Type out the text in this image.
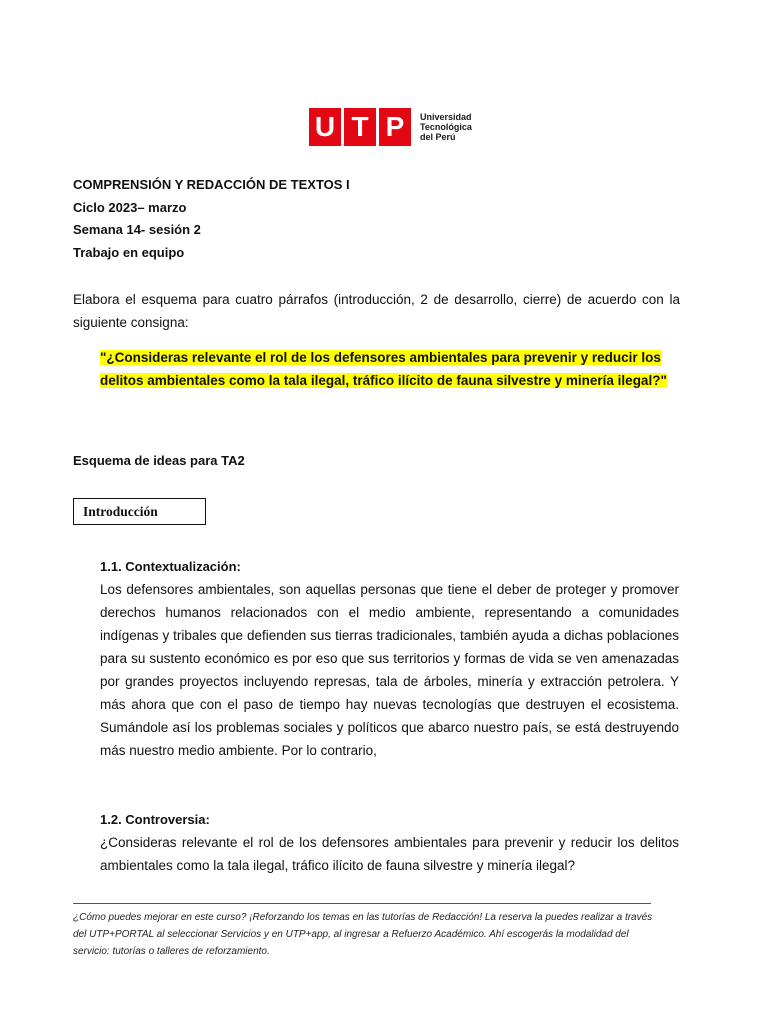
U T P	Universidad
Tecnológica
del Perú
COMPRENSIÓN Y REDACCIÓN DE TEXTOS I
Ciclo 2023– marzo
Semana 14- sesión 2
Trabajo en equipo
Elabora el esquema para cuatro párrafos (introducción, 2 de desarrollo, cierre) de acuerdo con la siguiente consigna:
"¿Consideras relevante el rol de los defensores ambientales para prevenir y reducir los delitos ambientales como la tala ilegal, tráfico ilícito de fauna silvestre y minería ilegal?"
Esquema de ideas para TA2
Introducción
1.1. Contextualización:
Los defensores ambientales, son aquellas personas que tiene el deber de proteger y promover derechos humanos relacionados con el medio ambiente, representando a comunidades indígenas y tribales que defienden sus tierras tradicionales, también ayuda a dichas poblaciones para su sustento económico es por eso que sus territorios y formas de vida se ven amenazadas por grandes proyectos incluyendo represas, tala de árboles, minería y extracción petrolera. Y más ahora que con el paso de tiempo hay nuevas tecnologías que destruyen el ecosistema. Sumándole así los problemas sociales y políticos que abarco nuestro país, se está destruyendo más nuestro medio ambiente. Por lo contrario,
1.2. Controversia:
¿Consideras relevante el rol de los defensores ambientales para prevenir y reducir los delitos ambientales como la tala ilegal, tráfico ilícito de fauna silvestre y minería ilegal?
¿Cómo puedes mejorar en este curso? ¡Reforzando los temas en las tutorías de Redacción! La reserva la puedes realizar a través del UTP+PORTAL al seleccionar Servicios y en UTP+app, al ingresar a Refuerzo Académico. Ahí escogerás la modalidad del servicio: tutorías o talleres de reforzamiento.
